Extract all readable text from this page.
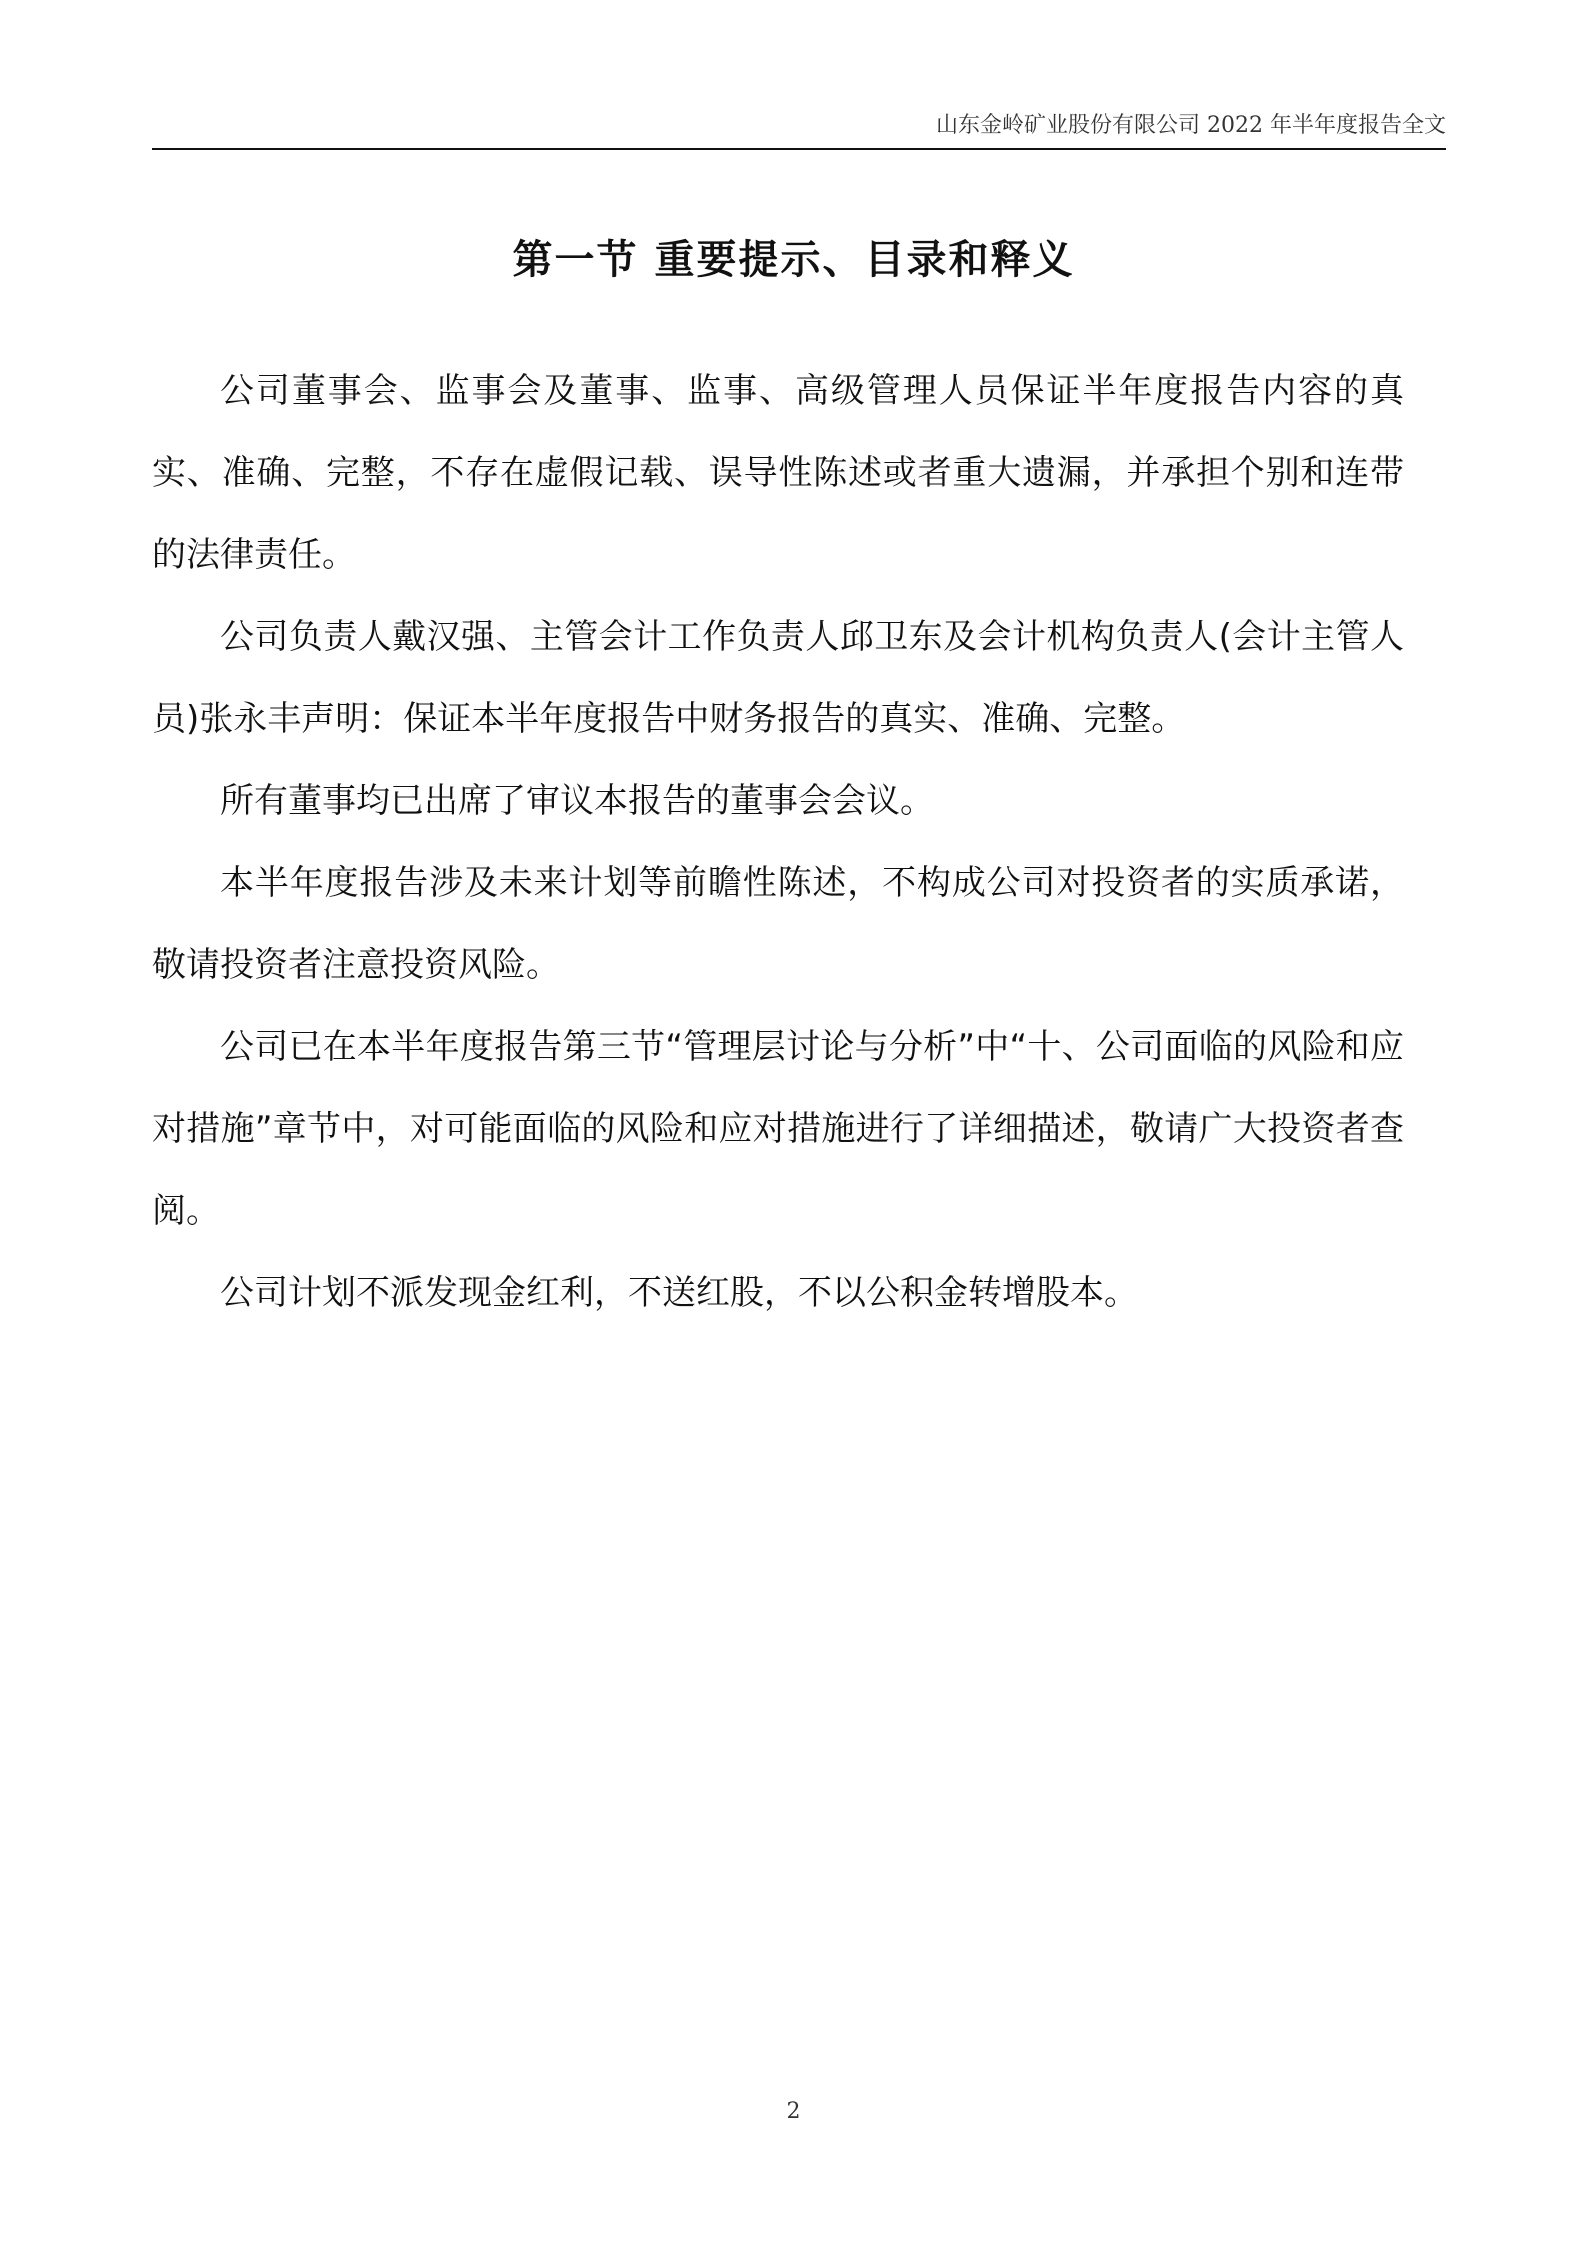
山东金岭矿业股份有限公司 2022 年半年度报告全文
第一节 重要提示、目录和释义

公司董事会、监事会及董事、监事、高级管理人员保证半年度报告内容的真实、准确、完整，不存在虚假记载、误导性陈述或者重大遗漏，并承担个别和连带的法律责任。

公司负责人戴汉强、主管会计工作负责人邱卫东及会计机构负责人(会计主管人员)张永丰声明：保证本半年度报告中财务报告的真实、准确、完整。

所有董事均已出席了审议本报告的董事会会议。

本半年度报告涉及未来计划等前瞻性陈述，不构成公司对投资者的实质承诺，敬请投资者注意投资风险。

公司已在本半年度报告第三节“管理层讨论与分析”中“十、公司面临的风险和应对措施”章节中，对可能面临的风险和应对措施进行了详细描述，敬请广大投资者查阅。

公司计划不派发现金红利，不送红股，不以公积金转增股本。

2
